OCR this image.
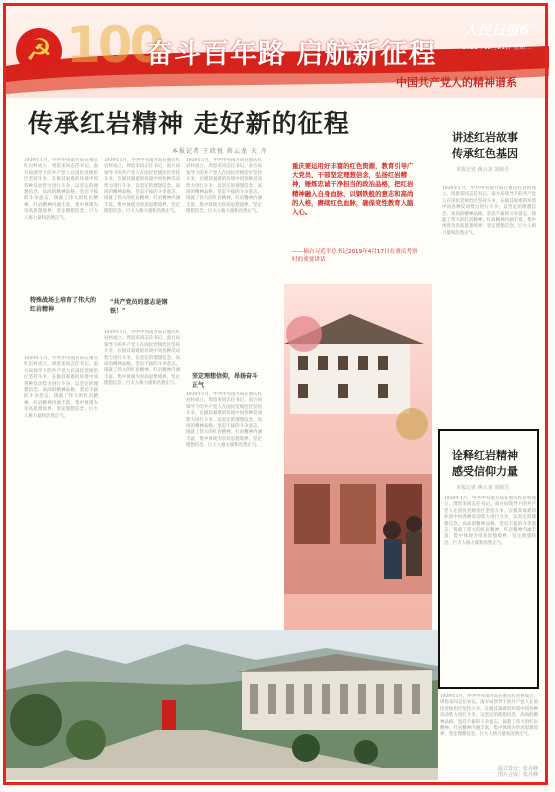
☭ 100
奋斗百年路 启航新征程
中国共产党人的精神谱系
人民日报6
2021年12月21日 星期二
传承红岩精神 走好新的征程
本报记者 王欣悦 蒋云龙 天 齐
1939年1月，中共中央南方局在重庆红岩村成立，周恩来同志任书记。南方局领导下的共产党人在国民党统治区坚持斗争，在极其艰难的环境中同各种反动势力进行斗争，以坚定的理想信念、高尚的精神品格、坚忍不拔的斗争意志，铸就了伟大的红岩精神。红岩精神内涵丰富，集中体现为崇高思想境界、坚定理想信念、巨大人格力量和浩然正气。
特殊战场上培育了伟大的红岩精神
1939年1月，中共中央南方局在重庆红岩村成立，周恩来同志任书记。南方局领导下的共产党人在国民党统治区坚持斗争，在极其艰难的环境中同各种反动势力进行斗争，以坚定的理想信念、高尚的精神品格、坚忍不拔的斗争意志，铸就了伟大的红岩精神。红岩精神内涵丰富，集中体现为崇高思想境界、坚定理想信念、巨大人格力量和浩然正气。
1939年1月，中共中央南方局在重庆红岩村成立，周恩来同志任书记。南方局领导下的共产党人在国民党统治区坚持斗争，在极其艰难的环境中同各种反动势力进行斗争，以坚定的理想信念、高尚的精神品格、坚忍不拔的斗争意志，铸就了伟大的红岩精神。红岩精神内涵丰富，集中体现为崇高思想境界、坚定理想信念、巨大人格力量和浩然正气。
“共产党员的意志是钢铁！”
1939年1月，中共中央南方局在重庆红岩村成立，周恩来同志任书记。南方局领导下的共产党人在国民党统治区坚持斗争，在极其艰难的环境中同各种反动势力进行斗争，以坚定的理想信念、高尚的精神品格、坚忍不拔的斗争意志，铸就了伟大的红岩精神。红岩精神内涵丰富，集中体现为崇高思想境界、坚定理想信念、巨大人格力量和浩然正气。
1939年1月，中共中央南方局在重庆红岩村成立，周恩来同志任书记。南方局领导下的共产党人在国民党统治区坚持斗争，在极其艰难的环境中同各种反动势力进行斗争，以坚定的理想信念、高尚的精神品格、坚忍不拔的斗争意志，铸就了伟大的红岩精神。红岩精神内涵丰富，集中体现为崇高思想境界、坚定理想信念、巨大人格力量和浩然正气。
坚定理想信仰，昂扬奋斗正气
1939年1月，中共中央南方局在重庆红岩村成立，周恩来同志任书记。南方局领导下的共产党人在国民党统治区坚持斗争，在极其艰难的环境中同各种反动势力进行斗争，以坚定的理想信念、高尚的精神品格、坚忍不拔的斗争意志，铸就了伟大的红岩精神。红岩精神内涵丰富，集中体现为崇高思想境界、坚定理想信念、巨大人格力量和浩然正气。
重庆要运用好丰富的红色资源，教育引导广大党员、干部坚定理想信念，弘扬红岩精神，锤炼忠诚干净担当的政治品格，把红岩精神融入自身血脉，以钢铁般的意志和高尚的人格，赓续红色血脉，确保党性教育入脑入心。
——摘自习近平总书记2019年4月17日在重庆考察时的重要讲话
讲述红岩故事
传承红色基因
本报记者 蒋云龙 刘新吾
1939年1月，中共中央南方局在重庆红岩村成立，周恩来同志任书记。南方局领导下的共产党人在国民党统治区坚持斗争，在极其艰难的环境中同各种反动势力进行斗争，以坚定的理想信念、高尚的精神品格、坚忍不拔的斗争意志，铸就了伟大的红岩精神。红岩精神内涵丰富，集中体现为崇高思想境界、坚定理想信念、巨大人格力量和浩然正气。
诠释红岩精神
感受信仰力量
本报记者 蒋云龙 刘新吾
1939年1月，中共中央南方局在重庆红岩村成立，周恩来同志任书记。南方局领导下的共产党人在国民党统治区坚持斗争，在极其艰难的环境中同各种反动势力进行斗争，以坚定的理想信念、高尚的精神品格、坚忍不拔的斗争意志，铸就了伟大的红岩精神。红岩精神内涵丰富，集中体现为崇高思想境界、坚定理想信念、巨大人格力量和浩然正气。
1939年1月，中共中央南方局在重庆红岩村成立，周恩来同志任书记。南方局领导下的共产党人在国民党统治区坚持斗争，在极其艰难的环境中同各种反动势力进行斗争，以坚定的理想信念、高尚的精神品格、坚忍不拔的斗争意志，铸就了伟大的红岩精神。红岩精神内涵丰富，集中体现为崇高思想境界、坚定理想信念、巨大人格力量和浩然正气。
版式设计：张丹峰
图片合成：张丹峰
